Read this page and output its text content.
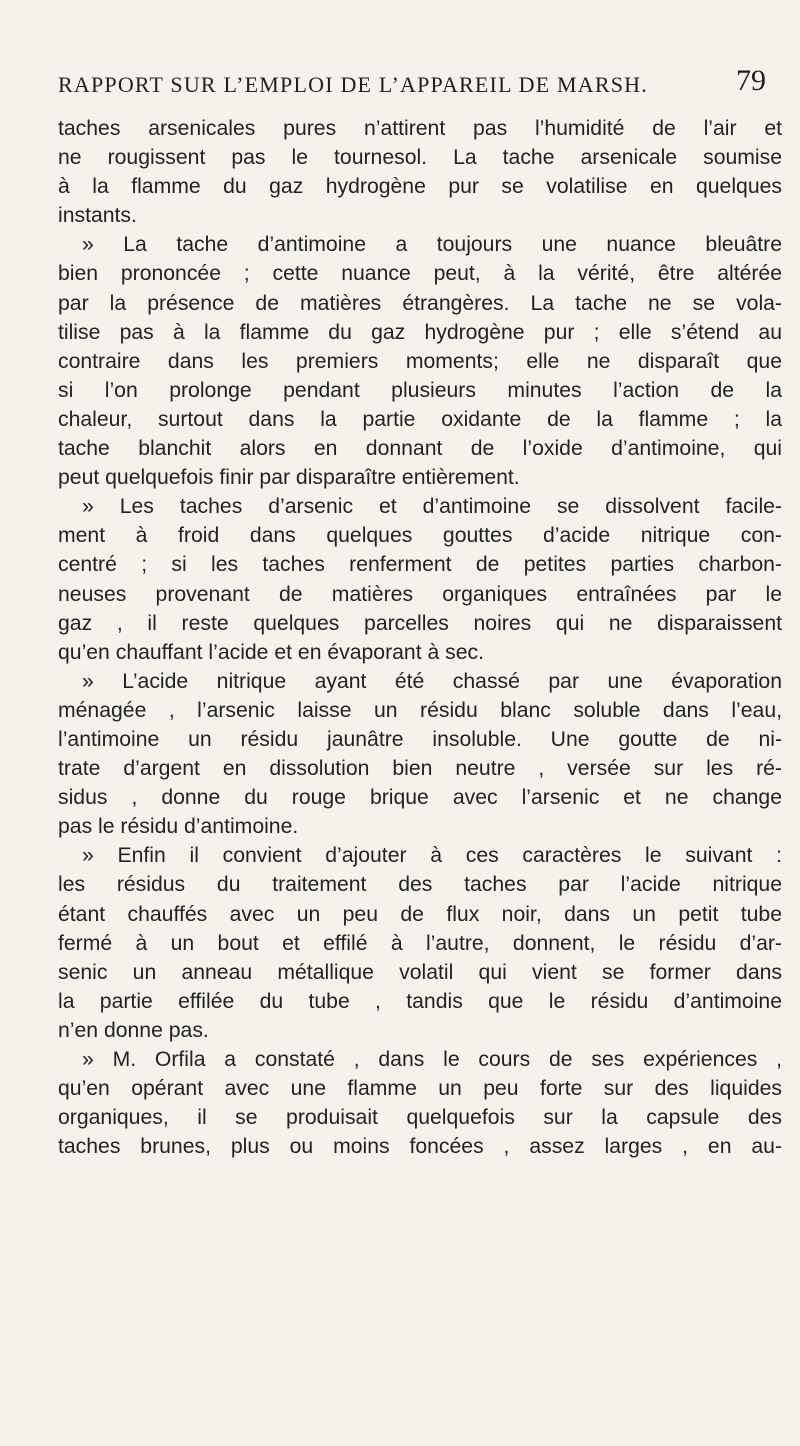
RAPPORT SUR L’EMPLOI DE L’APPAREIL DE MARSH.	79
taches arsenicales pures n’attirent pas l’humidité de l’air et
ne rougissent pas le tournesol. La tache arsenicale soumise
à la flamme du gaz hydrogène pur se volatilise en quelques
instants.
» La tache d’antimoine a toujours une nuance bleuâtre
bien prononcée ; cette nuance peut, à la vérité, être altérée
par la présence de matières étrangères. La tache ne se vola-
tilise pas à la flamme du gaz hydrogène pur ; elle s’étend au
contraire dans les premiers moments; elle ne disparaît que
si l’on prolonge pendant plusieurs minutes l’action de la
chaleur, surtout dans la partie oxidante de la flamme ; la
tache blanchit alors en donnant de l’oxide d’antimoine, qui
peut quelquefois finir par disparaître entièrement.
» Les taches d’arsenic et d’antimoine se dissolvent facile-
ment à froid dans quelques gouttes d’acide nitrique con-
centré ; si les taches renferment de petites parties charbon-
neuses provenant de matières organiques entraînées par le
gaz , il reste quelques parcelles noires qui ne disparaissent
qu’en chauffant l’acide et en évaporant à sec.
» L’acide nitrique ayant été chassé par une évaporation
ménagée , l’arsenic laisse un résidu blanc soluble dans l’eau,
l’antimoine un résidu jaunâtre insoluble. Une goutte de ni-
trate d’argent en dissolution bien neutre , versée sur les ré-
sidus , donne du rouge brique avec l’arsenic et ne change
pas le résidu d’antimoine.
» Enfin il convient d’ajouter à ces caractères le suivant :
les résidus du traitement des taches par l’acide nitrique
étant chauffés avec un peu de flux noir, dans un petit tube
fermé à un bout et effilé à l’autre, donnent, le résidu d’ar-
senic un anneau métallique volatil qui vient se former dans
la partie effilée du tube , tandis que le résidu d’antimoine
n’en donne pas.
» M. Orfila a constaté , dans le cours de ses expériences ,
qu’en opérant avec une flamme un peu forte sur des liquides
organiques, il se produisait quelquefois sur la capsule des
taches brunes, plus ou moins foncées , assez larges , en au-
